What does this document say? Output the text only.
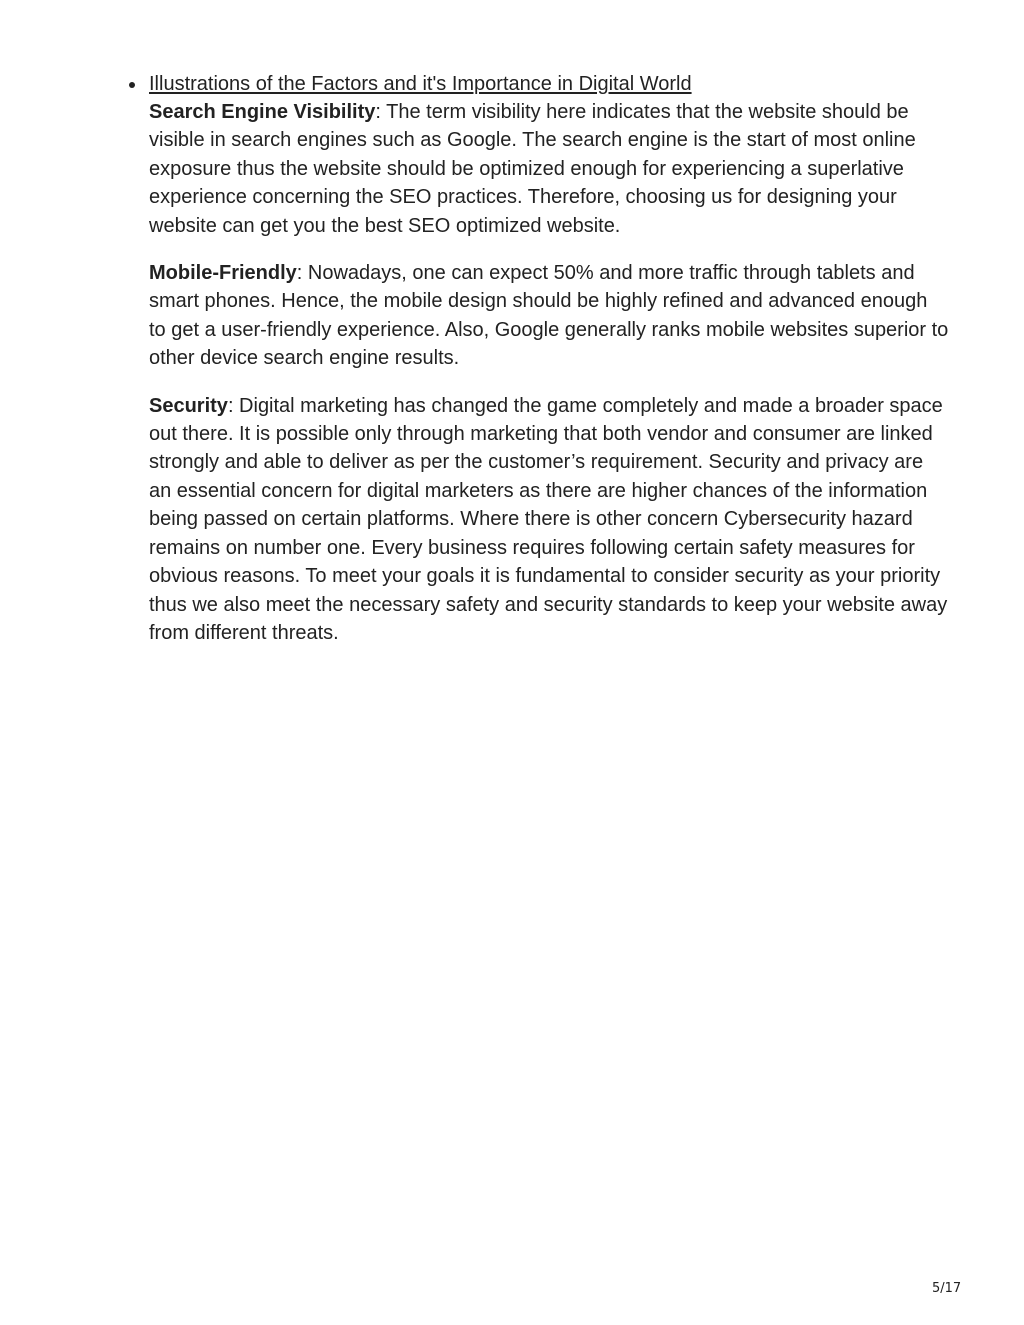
Illustrations of the Factors and it's Importance in Digital World

Search Engine Visibility: The term visibility here indicates that the website should be visible in search engines such as Google. The search engine is the start of most online exposure thus the website should be optimized enough for experiencing a superlative experience concerning the SEO practices. Therefore, choosing us for designing your website can get you the best SEO optimized website.

Mobile-Friendly: Nowadays, one can expect 50% and more traffic through tablets and smart phones. Hence, the mobile design should be highly refined and advanced enough to get a user-friendly experience. Also, Google generally ranks mobile websites superior to other device search engine results.

Security: Digital marketing has changed the game completely and made a broader space out there. It is possible only through marketing that both vendor and consumer are linked strongly and able to deliver as per the customer’s requirement. Security and privacy are an essential concern for digital marketers as there are higher chances of the information being passed on certain platforms. Where there is other concern Cybersecurity hazard remains on number one. Every business requires following certain safety measures for obvious reasons. To meet your goals it is fundamental to consider security as your priority thus we also meet the necessary safety and security standards to keep your website away from different threats.

5/17
